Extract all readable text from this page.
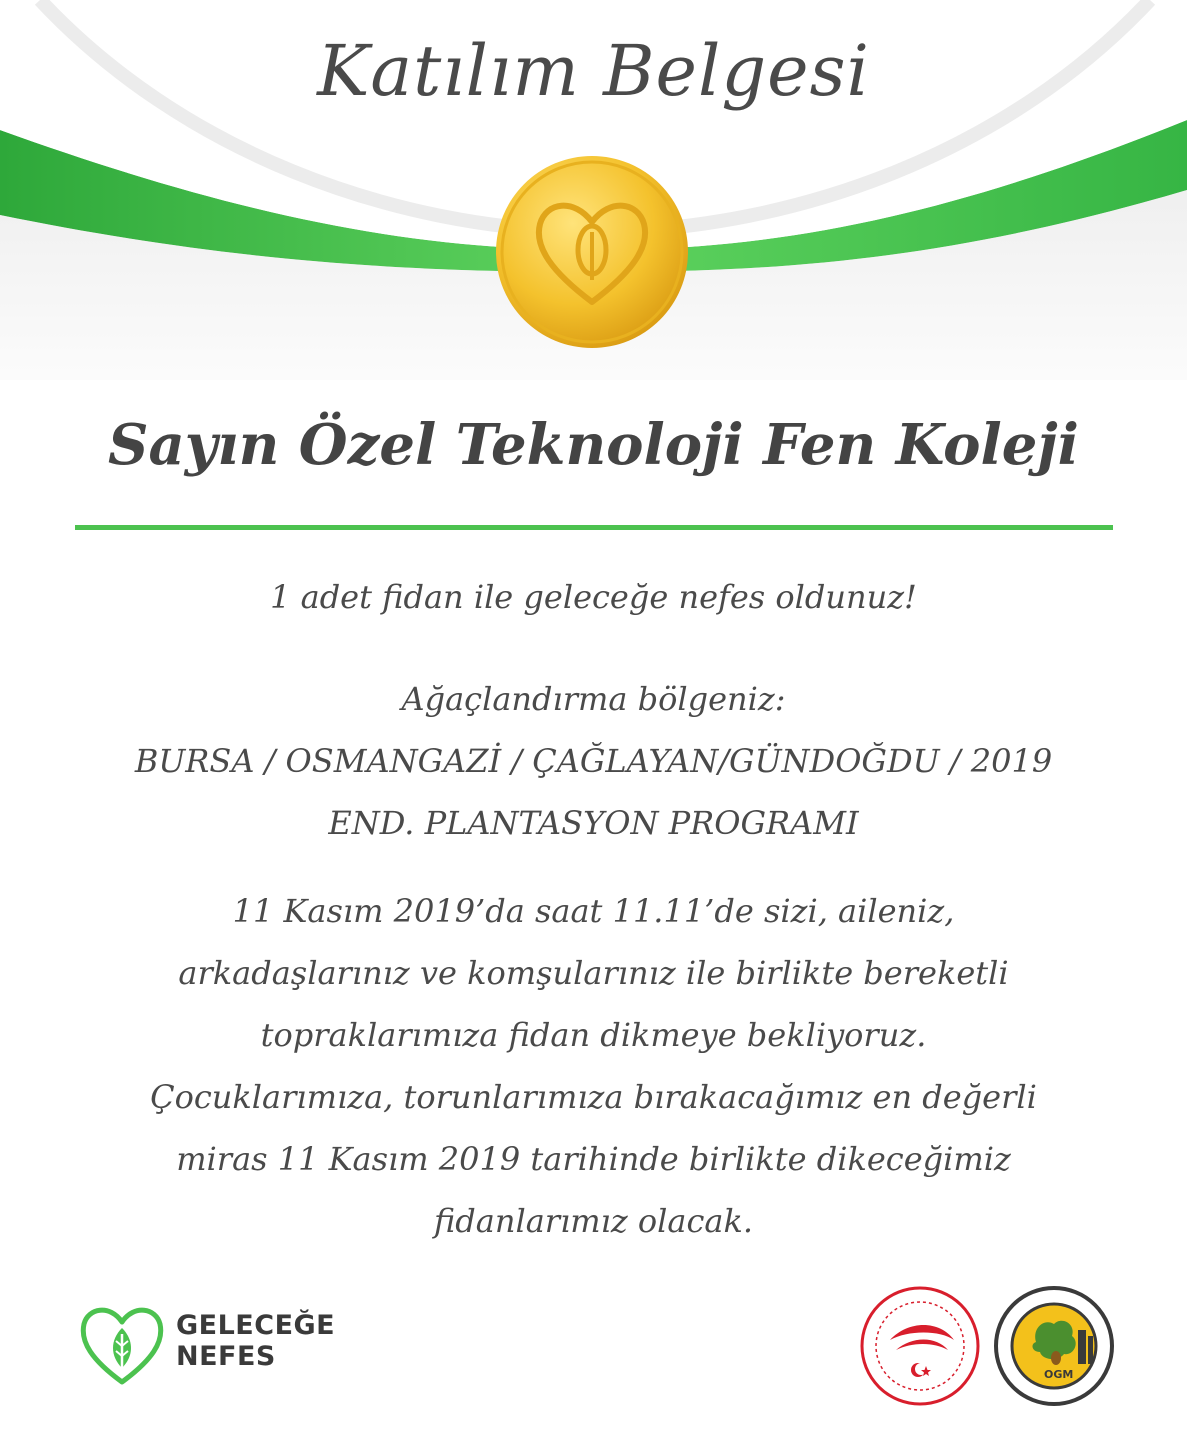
Katılım Belgesi
Sayın Özel Teknoloji Fen Koleji
1 adet fidan ile geleceğe nefes oldunuz!
Ağaçlandırma bölgeniz:
BURSA / OSMANGAZİ / ÇAĞLAYAN/GÜNDOĞDU / 2019
END. PLANTASYON PROGRAMI
11 Kasım 2019’da saat 11.11’de sizi, aileniz,
arkadaşlarınız ve komşularınız ile birlikte bereketli
topraklarımıza fidan dikmeye bekliyoruz.
Çocuklarımıza, torunlarımıza bırakacağımız en değerli
miras 11 Kasım 2019 tarihinde birlikte dikeceğimiz
fidanlarımız olacak.
GELECEĞE
NEFES
OGM
